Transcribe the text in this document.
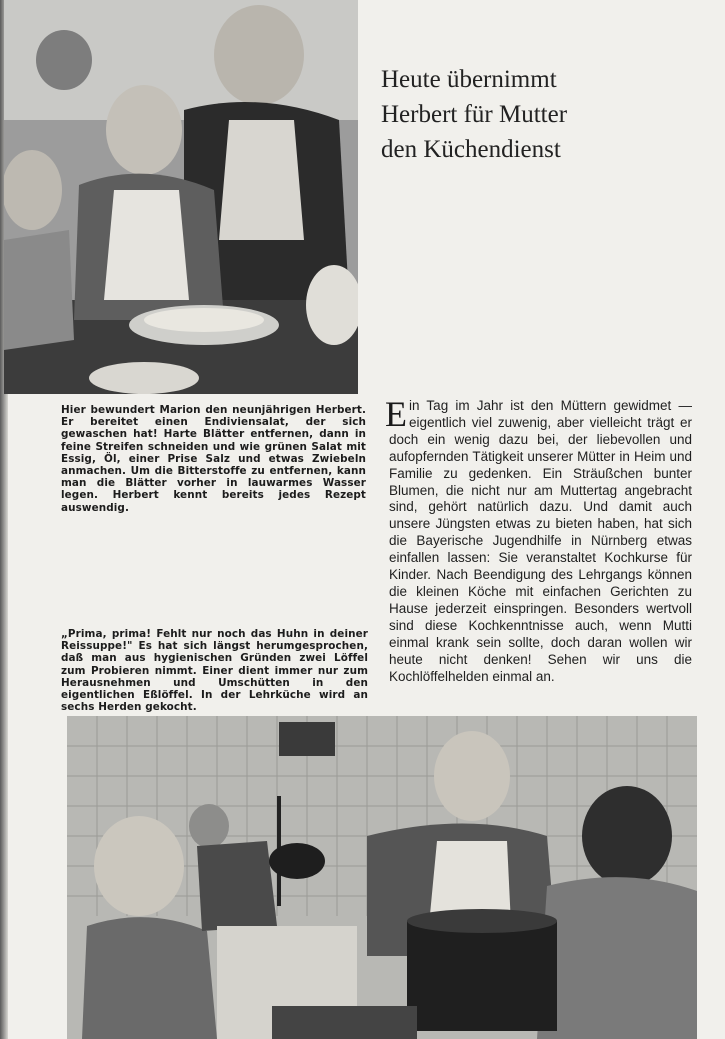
Heute übernimmt
Herbert für Mutter
den Küchendienst

Hier bewundert Marion den neunjährigen Herbert. Er bereitet einen Endiviensalat, der sich gewaschen hat! Harte Blätter entfernen, dann in feine Streifen schneiden und wie grünen Salat mit Essig, Öl, einer Prise Salz und etwas Zwiebeln anmachen. Um die Bitterstoffe zu entfernen, kann man die Blätter vorher in lauwarmes Wasser legen. Herbert kennt bereits jedes Rezept auswendig.

„Prima, prima! Fehlt nur noch das Huhn in deiner Reissuppe!" Es hat sich längst herumgesprochen, daß man aus hygienischen Gründen zwei Löffel zum Probieren nimmt. Einer dient immer nur zum Herausnehmen und Umschütten in den eigentlichen Eßlöffel. In der Lehrküche wird an sechs Herden gekocht.

Ein Tag im Jahr ist den Müttern gewidmet — eigentlich viel zuwenig, aber vielleicht trägt er doch ein wenig dazu bei, der liebevollen und aufopfernden Tätigkeit unserer Mütter in Heim und Familie zu gedenken. Ein Sträußchen bunter Blumen, die nicht nur am Muttertag angebracht sind, gehört natürlich dazu. Und damit auch unsere Jüngsten etwas zu bieten haben, hat sich die Bayerische Jugendhilfe in Nürnberg etwas einfallen lassen: Sie veranstaltet Kochkurse für Kinder. Nach Beendigung des Lehrgangs können die kleinen Köche mit einfachen Gerichten zu Hause jederzeit einspringen. Besonders wertvoll sind diese Kochkenntnisse auch, wenn Mutti einmal krank sein sollte, doch daran wollen wir heute nicht denken! Sehen wir uns die Kochlöffelhelden einmal an.
